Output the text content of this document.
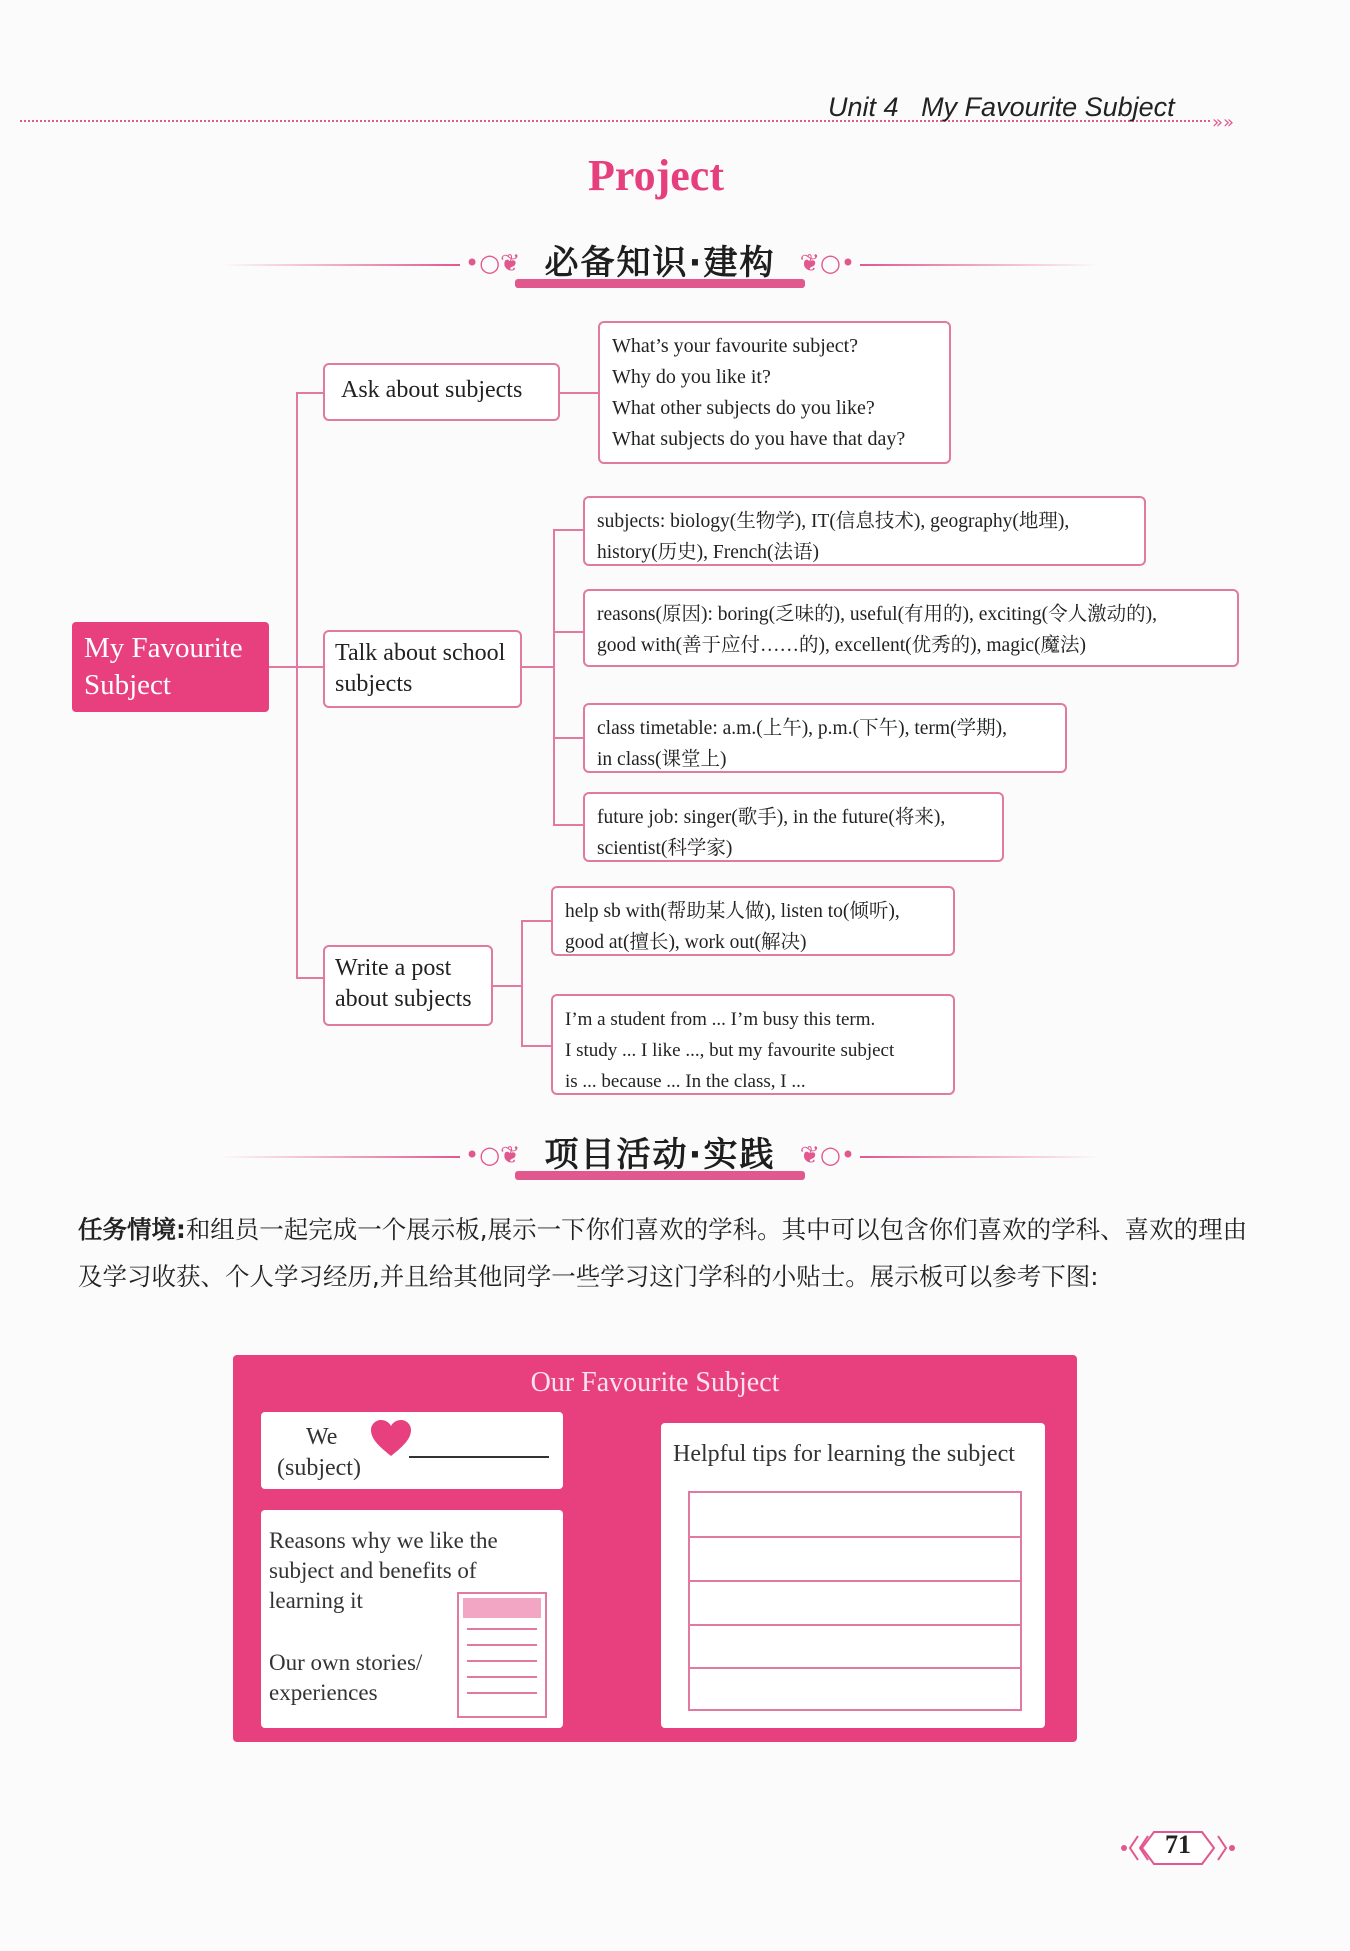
Unit 4 My Favourite Subject
»»
Project
•○❦ 必备知识·建构	❦○•
My Favourite
Subject
Ask about subjects
What’s your favourite subject?
Why do you like it?
What other subjects do you like?
What subjects do you have that day?
Talk about school
subjects
subjects: biology(生物学), IT(信息技术), geography(地理),
history(历史), French(法语)
reasons(原因): boring(乏味的), useful(有用的), exciting(令人激动的),
good with(善于应付……的), excellent(优秀的), magic(魔法)
class timetable: a.m.(上午), p.m.(下午), term(学期),
in class(课堂上)
future job: singer(歌手), in the future(将来),
scientist(科学家)
Write a post
about subjects
help sb with(帮助某人做), listen to(倾听),
good at(擅长), work out(解决)
I’m a student from ... I’m busy this term.
I study ... I like ..., but my favourite subject
is ... because ... In the class, I ...
•○❦ 项目活动·实践	❦○•
任务情境:和组员一起完成一个展示板,展示一下你们喜欢的学科。其中可以包含你们喜欢的学科、喜欢的理由及学习收获、个人学习经历,并且给其他同学一些学习这门学科的小贴士。展示板可以参考下图:
Our Favourite Subject
We
(subject)
Reasons why we like the
subject and benefits of
learning it
Our own stories/
experiences
Helpful tips for learning the subject
71
